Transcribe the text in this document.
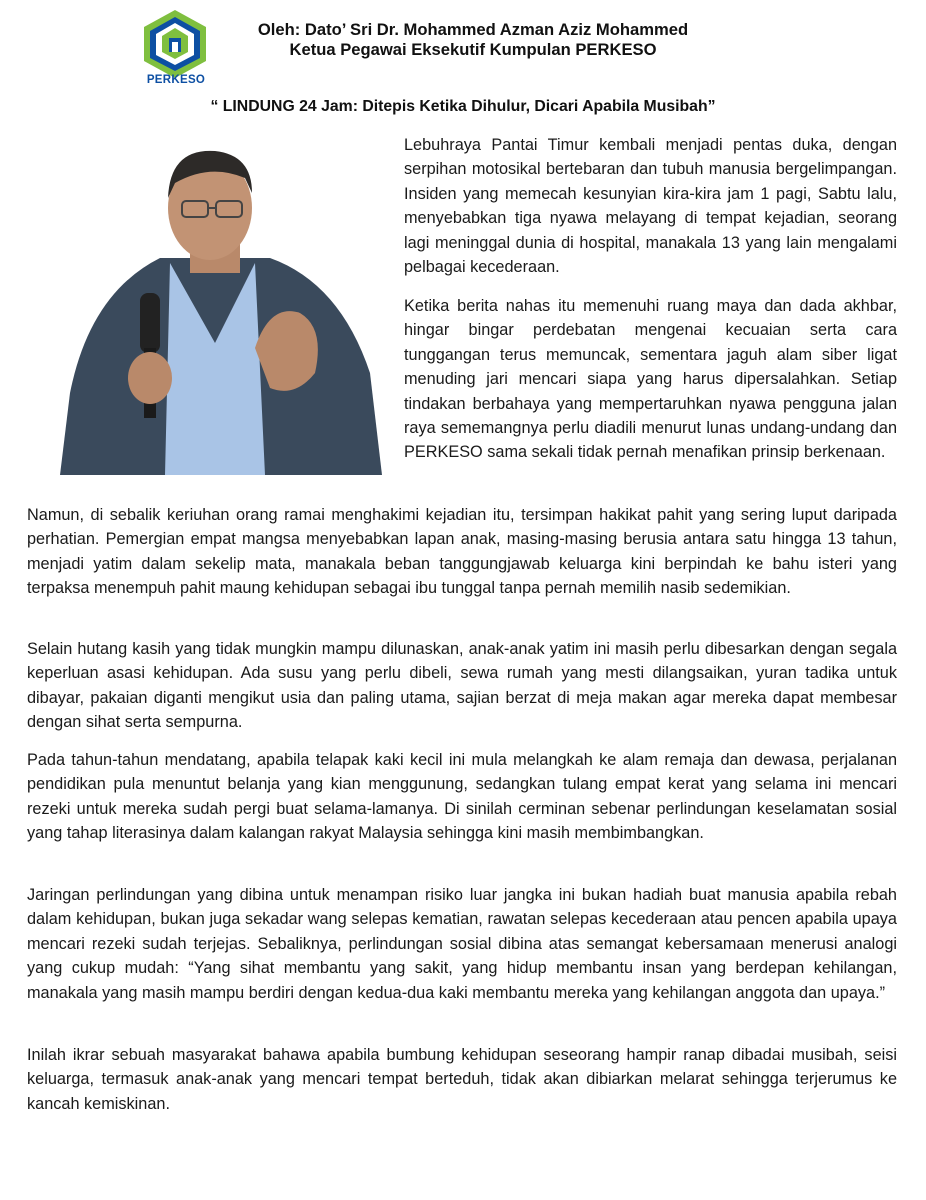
PERKESO
Oleh: Dato’ Sri Dr. Mohammed Azman Aziz Mohammed
Ketua Pegawai Eksekutif Kumpulan PERKESO
“ LINDUNG 24 Jam: Ditepis Ketika Dihulur, Dicari Apabila Musibah”

Lebuhraya Pantai Timur kembali menjadi pentas duka, dengan serpihan motosikal bertebaran dan tubuh manusia bergelimpangan. Insiden yang memecah kesunyian kira-kira jam 1 pagi, Sabtu lalu, menyebabkan tiga nyawa melayang di tempat kejadian, seorang lagi meninggal dunia di hospital, manakala 13 yang lain mengalami pelbagai kecederaan.

Ketika berita nahas itu memenuhi ruang maya dan dada akhbar, hingar bingar perdebatan mengenai kecuaian serta cara tunggangan terus memuncak, sementara jaguh alam siber ligat menuding jari mencari siapa yang harus dipersalahkan. Setiap tindakan berbahaya yang mempertaruhkan nyawa pengguna jalan raya sememangnya perlu diadili menurut lunas undang-undang dan PERKESO sama sekali tidak pernah menafikan prinsip berkenaan.

Namun, di sebalik keriuhan orang ramai menghakimi kejadian itu, tersimpan hakikat pahit yang sering luput daripada perhatian. Pemergian empat mangsa menyebabkan lapan anak, masing-masing berusia antara satu hingga 13 tahun, menjadi yatim dalam sekelip mata, manakala beban tanggungjawab keluarga kini berpindah ke bahu isteri yang terpaksa menempuh pahit maung kehidupan sebagai ibu tunggal tanpa pernah memilih nasib sedemikian.

Selain hutang kasih yang tidak mungkin mampu dilunaskan, anak-anak yatim ini masih perlu dibesarkan dengan segala keperluan asasi kehidupan. Ada susu yang perlu dibeli, sewa rumah yang mesti dilangsaikan, yuran tadika untuk dibayar, pakaian diganti mengikut usia dan paling utama, sajian berzat di meja makan agar mereka dapat membesar dengan sihat serta sempurna.

Pada tahun-tahun mendatang, apabila telapak kaki kecil ini mula melangkah ke alam remaja dan dewasa, perjalanan pendidikan pula menuntut belanja yang kian menggunung, sedangkan tulang empat kerat yang selama ini mencari rezeki untuk mereka sudah pergi buat selama-lamanya. Di sinilah cerminan sebenar perlindungan keselamatan sosial yang tahap literasinya dalam kalangan rakyat Malaysia sehingga kini masih membimbangkan.

Jaringan perlindungan yang dibina untuk menampan risiko luar jangka ini bukan hadiah buat manusia apabila rebah dalam kehidupan, bukan juga sekadar wang selepas kematian, rawatan selepas kecederaan atau pencen apabila upaya mencari rezeki sudah terjejas. Sebaliknya, perlindungan sosial dibina atas semangat kebersamaan menerusi analogi yang cukup mudah: “Yang sihat membantu yang sakit, yang hidup membantu insan yang berdepan kehilangan, manakala yang masih mampu berdiri dengan kedua-dua kaki membantu mereka yang kehilangan anggota dan upaya.”

Inilah ikrar sebuah masyarakat bahawa apabila bumbung kehidupan seseorang hampir ranap dibadai musibah, seisi keluarga, termasuk anak-anak yang mencari tempat berteduh, tidak akan dibiarkan melarat sehingga terjerumus ke kancah kemiskinan.
